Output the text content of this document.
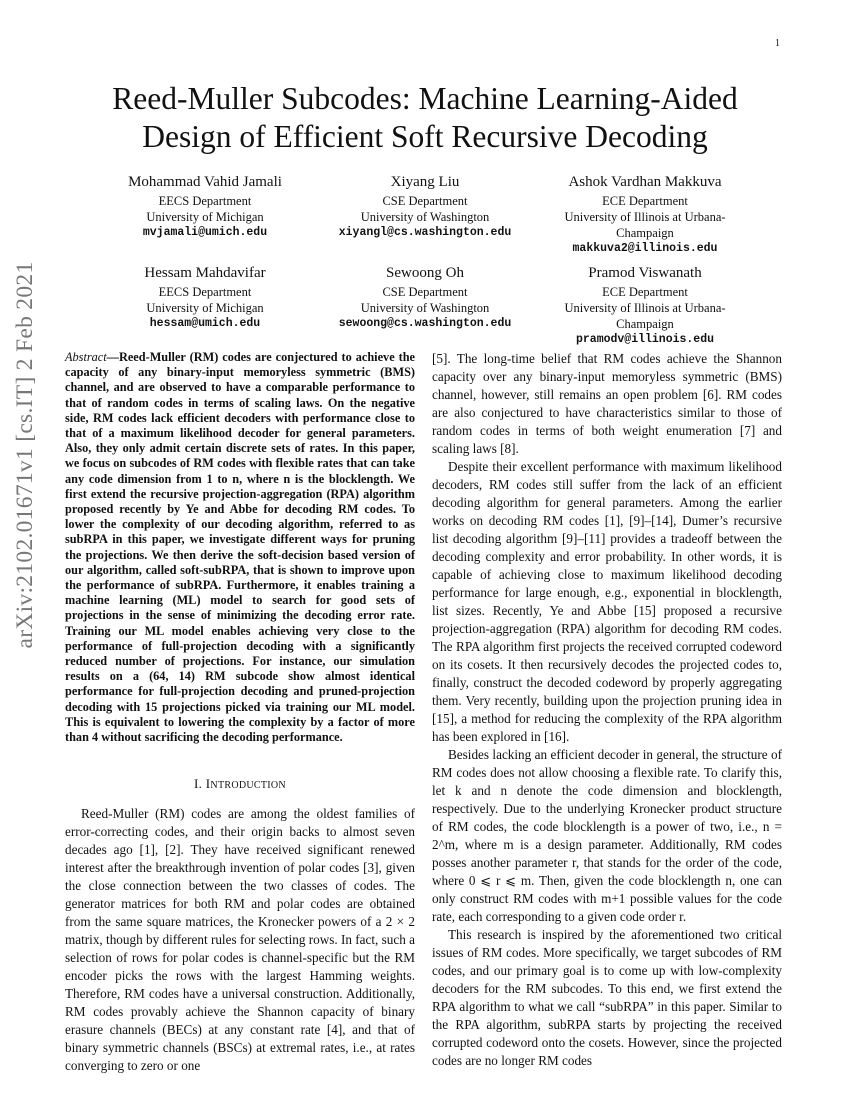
1
arXiv:2102.01671v1 [cs.IT] 2 Feb 2021
Reed-Muller Subcodes: Machine Learning-Aided
Design of Efficient Soft Recursive Decoding
Mohammad Vahid Jamali
EECS Department
University of Michigan
mvjamali@umich.edu
Xiyang Liu
CSE Department
University of Washington
xiyangl@cs.washington.edu
Ashok Vardhan Makkuva
ECE Department
University of Illinois at Urbana-Champaign
makkuva2@illinois.edu
Hessam Mahdavifar
EECS Department
University of Michigan
hessam@umich.edu
Sewoong Oh
CSE Department
University of Washington
sewoong@cs.washington.edu
Pramod Viswanath
ECE Department
University of Illinois at Urbana-Champaign
pramodv@illinois.edu

Abstract—Reed-Muller (RM) codes are conjectured to achieve the capacity of any binary-input memoryless symmetric (BMS) channel, and are observed to have a comparable performance to that of random codes in terms of scaling laws. On the negative side, RM codes lack efficient decoders with performance close to that of a maximum likelihood decoder for general parameters. Also, they only admit certain discrete sets of rates. In this paper, we focus on subcodes of RM codes with flexible rates that can take any code dimension from 1 to n, where n is the blocklength. We first extend the recursive projection-aggregation (RPA) algorithm proposed recently by Ye and Abbe for decoding RM codes. To lower the complexity of our decoding algorithm, referred to as subRPA in this paper, we investigate different ways for pruning the projections. We then derive the soft-decision based version of our algorithm, called soft-subRPA, that is shown to improve upon the performance of subRPA. Furthermore, it enables training a machine learning (ML) model to search for good sets of projections in the sense of minimizing the decoding error rate. Training our ML model enables achieving very close to the performance of full-projection decoding with a significantly reduced number of projections. For instance, our simulation results on a (64, 14) RM subcode show almost identical performance for full-projection decoding and pruned-projection decoding with 15 projections picked via training our ML model. This is equivalent to lowering the complexity by a factor of more than 4 without sacrificing the decoding performance.

I. INTRODUCTION

Reed-Muller (RM) codes are among the oldest families of error-correcting codes, and their origin backs to almost seven decades ago [1], [2]. They have received significant renewed interest after the breakthrough invention of polar codes [3], given the close connection between the two classes of codes. The generator matrices for both RM and polar codes are obtained from the same square matrices, the Kronecker powers of a 2 × 2 matrix, though by different rules for selecting rows. In fact, such a selection of rows for polar codes is channel-specific but the RM encoder picks the rows with the largest Hamming weights. Therefore, RM codes have a universal construction. Additionally, RM codes provably achieve the Shannon capacity of binary erasure channels (BECs) at any constant rate [4], and that of binary symmetric channels (BSCs) at extremal rates, i.e., at rates converging to zero or one

[5]. The long-time belief that RM codes achieve the Shannon capacity over any binary-input memoryless symmetric (BMS) channel, however, still remains an open problem [6]. RM codes are also conjectured to have characteristics similar to those of random codes in terms of both weight enumeration [7] and scaling laws [8].

Despite their excellent performance with maximum likelihood decoders, RM codes still suffer from the lack of an efficient decoding algorithm for general parameters. Among the earlier works on decoding RM codes [1], [9]–[14], Dumer’s recursive list decoding algorithm [9]–[11] provides a tradeoff between the decoding complexity and error probability. In other words, it is capable of achieving close to maximum likelihood decoding performance for large enough, e.g., exponential in blocklength, list sizes. Recently, Ye and Abbe [15] proposed a recursive projection-aggregation (RPA) algorithm for decoding RM codes. The RPA algorithm first projects the received corrupted codeword on its cosets. It then recursively decodes the projected codes to, finally, construct the decoded codeword by properly aggregating them. Very recently, building upon the projection pruning idea in [15], a method for reducing the complexity of the RPA algorithm has been explored in [16].

Besides lacking an efficient decoder in general, the structure of RM codes does not allow choosing a flexible rate. To clarify this, let k and n denote the code dimension and blocklength, respectively. Due to the underlying Kronecker product structure of RM codes, the code blocklength is a power of two, i.e., n = 2^m, where m is a design parameter. Additionally, RM codes posses another parameter r, that stands for the order of the code, where 0 ⩽ r ⩽ m. Then, given the code blocklength n, one can only construct RM codes with m+1 possible values for the code rate, each corresponding to a given code order r.

This research is inspired by the aforementioned two critical issues of RM codes. More specifically, we target subcodes of RM codes, and our primary goal is to come up with low-complexity decoders for the RM subcodes. To this end, we first extend the RPA algorithm to what we call “subRPA” in this paper. Similar to the RPA algorithm, subRPA starts by projecting the received corrupted codeword onto the cosets. However, since the projected codes are no longer RM codes
